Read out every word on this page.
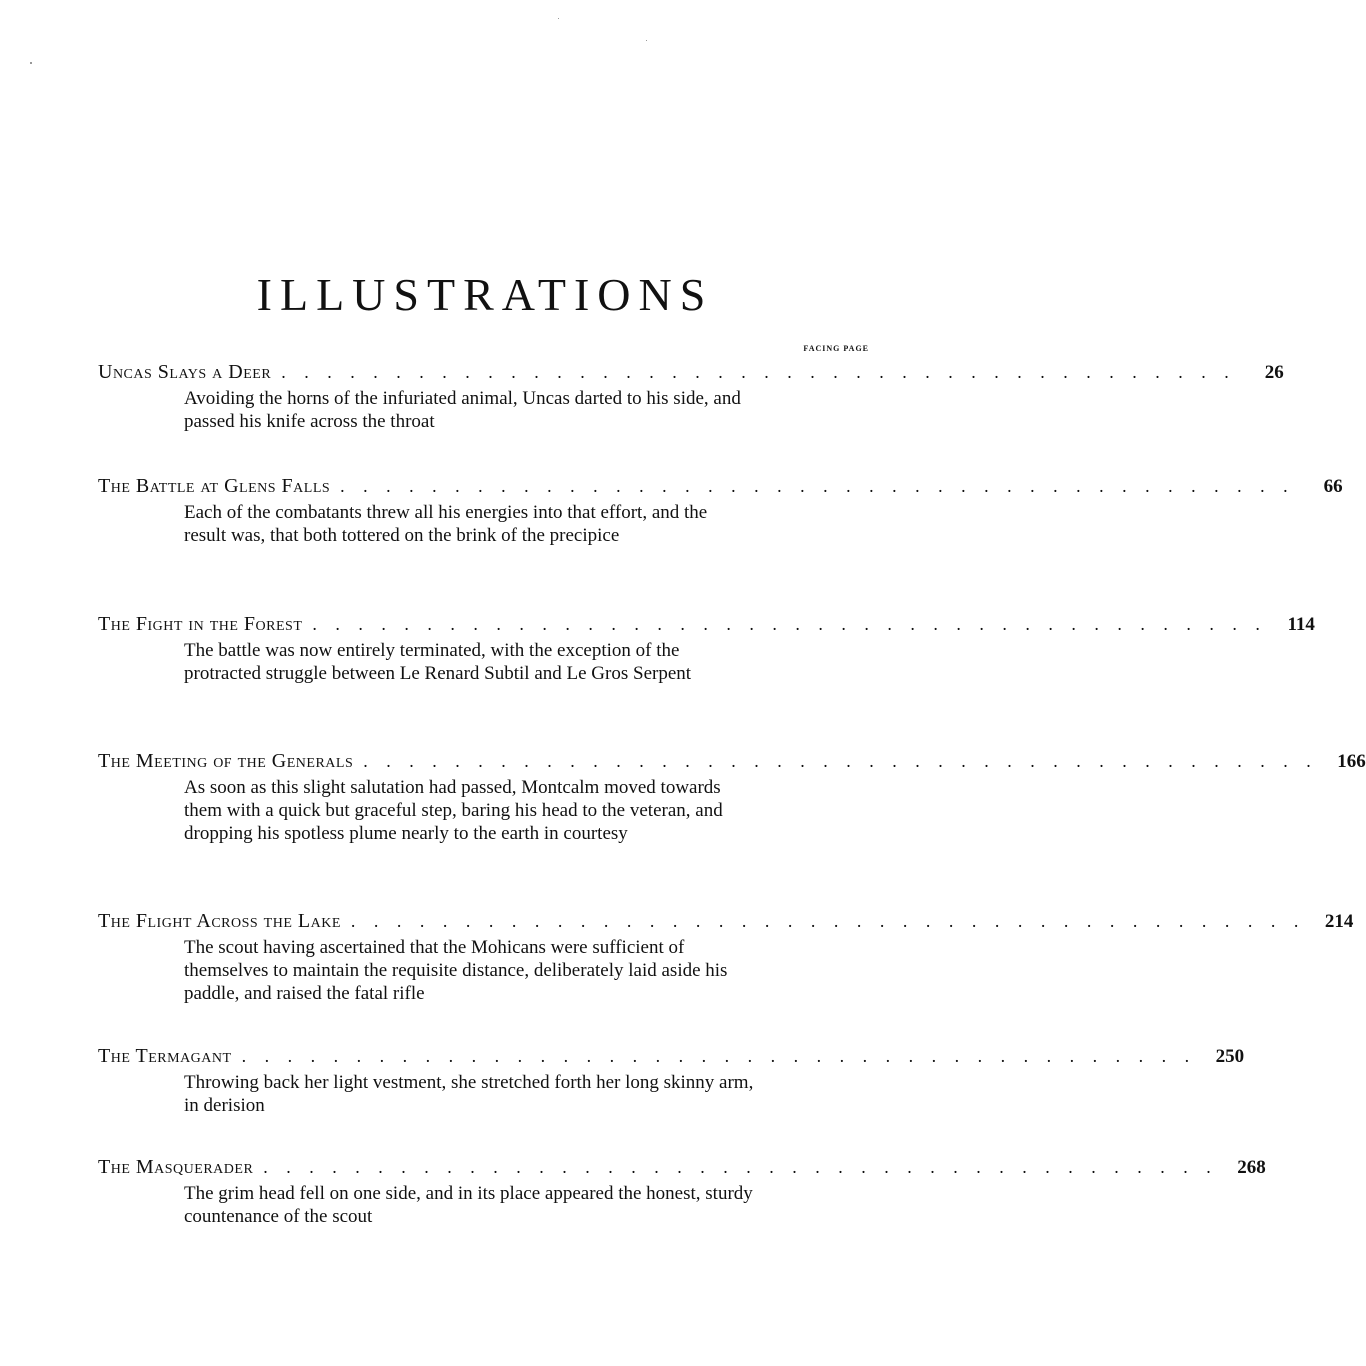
ILLUSTRATIONS
FACING PAGE
Uncas Slays a Deer . . . . . . . . . . . . . . . . . . . . . . . . . . . . . . . . . . . . . . . . . .	26
Avoiding the horns of the infuriated animal, Uncas darted to his side, and passed his knife across the throat
The Battle at Glens Falls . . . . . . . . . . . . . . . . . . . . . . . . . . . . . . . . . . . . . . . . . .	66
Each of the combatants threw all his energies into that effort, and the result was, that both tottered on the brink of the precipice
The Fight in the Forest . . . . . . . . . . . . . . . . . . . . . . . . . . . . . . . . . . . . . . . . . .	114
The battle was now entirely terminated, with the exception of the protracted struggle between Le Renard Subtil and Le Gros Serpent
The Meeting of the Generals . . . . . . . . . . . . . . . . . . . . . . . . . . . . . . . . . . . . . . . . . .	166
As soon as this slight salutation had passed, Montcalm moved towards them with a quick but graceful step, baring his head to the veteran, and dropping his spotless plume nearly to the earth in courtesy
The Flight Across the Lake . . . . . . . . . . . . . . . . . . . . . . . . . . . . . . . . . . . . . . . . . .	214
The scout having ascertained that the Mohicans were sufficient of themselves to maintain the requisite distance, deliberately laid aside his paddle, and raised the fatal rifle
The Termagant . . . . . . . . . . . . . . . . . . . . . . . . . . . . . . . . . . . . . . . . . .	250
Throwing back her light vestment, she stretched forth her long skinny arm, in derision
The Masquerader . . . . . . . . . . . . . . . . . . . . . . . . . . . . . . . . . . . . . . . . . .	268
The grim head fell on one side, and in its place appeared the honest, sturdy countenance of the scout
